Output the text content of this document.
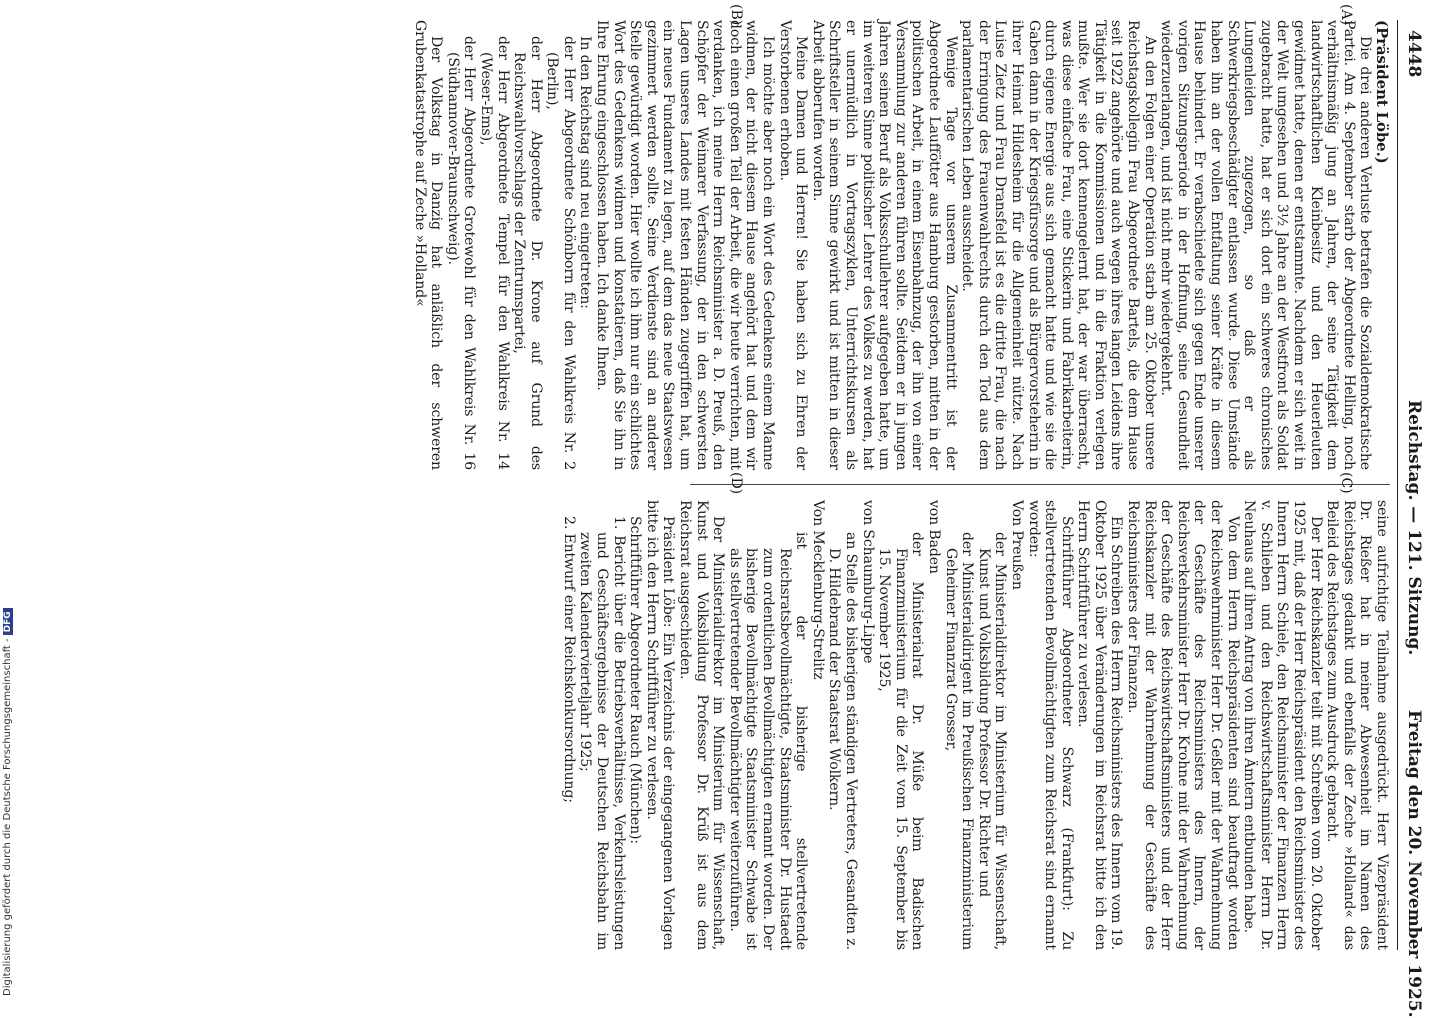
4448
Reichstag. — 121. Sitzung.
Freitag den 20. November 1925.
(Präsident Löbe.)
Die drei anderen Verluste betrafen die Sozialdemokratische Partei. Am 4. September starb der Abgeordnete Helling, noch verhältnismäßig jung an Jahren, der seine Tätigkeit dem landwirtschaftlichen Kleinbesitz und den Heuerleuten gewidmet hatte, denen er entstammte. Nachdem er sich weit in der Welt umgesehen und 3½ Jahre an der Westfront als Soldat zugebracht hatte, hat er sich dort ein schweres chronisches Lungenleiden zugezogen, so daß er als Schwerkriegsbeschädigter entlassen wurde. Diese Umstände haben ihn an der vollen Entfaltung seiner Kräfte in diesem Hause behindert. Er verabschiedete sich gegen Ende unserer vorigen Sitzungsperiode in der Hoffnung, seine Gesundheit wiederzuerlangen, und ist nicht mehr wiedergekehrt.
An den Folgen einer Operation starb am 25. Oktober unsere Reichstagskollegin Frau Abgeordnete Bartels, die dem Hause seit 1922 angehörte und auch wegen ihres langen Leidens ihre Tätigkeit in die Kommissionen und in die Fraktion verlegen mußte. Wer sie dort kennengelernt hat, der war überrascht, was diese einfache Frau, eine Stickerin und Fabrikarbeiterin, durch eigene Energie aus sich gemacht hatte und wie sie die Gaben dann in der Kriegsfürsorge und als Bürgervorsteherin in ihrer Heimat Hildesheim für die Allgemeinheit nützte. Nach Luise Zietz und Frau Dransfeld ist es die dritte Frau, die nach der Erringung des Frauenwahlrechts durch den Tod aus dem parlamentarischen Leben ausscheidet.
Wenige Tage vor unserem Zusammentritt ist der Abgeordnete Lauffötter aus Hamburg gestorben, mitten in der politischen Arbeit, in einem Eisenbahnzug, der ihn von einer Versammlung zur anderen führen sollte. Seitdem er in jungen Jahren seinen Beruf als Volksschullehrer aufgegeben hatte, um im weiteren Sinne politischer Lehrer des Volkes zu werden, hat er unermüdlich in Vortragszyklen, Unterrichtskursen als Schriftsteller in seinem Sinne gewirkt und ist mitten in dieser Arbeit abberufen worden.
Meine Damen und Herren! Sie haben sich zu Ehren der Verstorbenen erhoben.
Ich möchte aber noch ein Wort des Gedenkens einem Manne widmen, der nicht diesem Hause angehört hat und dem wir doch einen großen Teil der Arbeit, die wir heute verrichten, mit verdanken, ich meine Herrn Reichsminister a. D. Preuß, den Schöpfer der Weimarer Verfassung, der in den schwersten Lagen unseres Landes mit festen Händen zugegriffen hat, um ein neues Fundament zu legen, auf dem das neue Staatswesen gezimmert werden sollte. Seine Verdienste sind an anderer Stelle gewürdigt worden. Hier wollte ich ihm nur ein schlichtes Wort des Gedenkens widmen und konstatieren, daß Sie ihn in Ihre Ehrung eingeschlossen haben. Ich danke Ihnen.
In den Reichstag sind neu eingetreten:
der Herr Abgeordnete Schönborn für den Wahlkreis Nr. 2 (Berlin),
der Herr Abgeordnete Dr. Krone auf Grund des Reichswahlvorschlags der Zentrumspartei,
der Herr Abgeordnete Tempel für den Wahlkreis Nr. 14 (Weser-Ems),
der Herr Abgeordnete Grotewohl für den Wahlkreis Nr. 16 (Südhannover-Braunschweig).
Der Volkstag in Danzig hat anläßlich der schweren Grubenkatastrophe auf Zeche »Holland«
seine aufrichtige Teilnahme ausgedrückt. Herr Vizepräsident Dr. Rießer hat in meiner Abwesenheit im Namen des Reichstages gedankt und ebenfalls der Zeche »Holland« das Beileid des Reichstages zum Ausdruck gebracht.
Der Herr Reichskanzler teilt mit Schreiben vom 20. Oktober 1925 mit, daß der Herr Reichspräsident den Reichsminister des Innern Herrn Schiele, den Reichsminister der Finanzen Herrn v. Schlieben und den Reichswirtschaftsminister Herrn Dr. Neuhaus auf ihren Antrag von ihren Ämtern entbunden habe.
Von dem Herrn Reichspräsidenten sind beauftragt worden der Reichswehrminister Herr Dr. Geßler mit der Wahrnehmung der Geschäfte des Reichsministers des Innern, der Reichsverkehrsminister Herr Dr. Krohne mit der Wahrnehmung der Geschäfte des Reichswirtschaftsministers und der Herr Reichskanzler mit der Wahrnehmung der Geschäfte des Reichsministers der Finanzen.
Ein Schreiben des Herrn Reichsministers des Innern vom 19. Oktober 1925 über Veränderungen im Reichsrat bitte ich den Herrn Schriftführer zu verlesen.
Schriftführer Abgeordneter Schwarz (Frankfurt): Zu stellvertretenden Bevollmächtigten zum Reichsrat sind ernannt worden:
Von Preußen
der Ministerialdirektor im Ministerium für Wissenschaft, Kunst und Volksbildung Professor Dr. Richter und
der Ministerialdirigent im Preußischen Finanzministerium Geheimer Finanzrat Grosser,
von Baden
der Ministerialrat Dr. Müße beim Badischen Finanzministerium für die Zeit vom 15. September bis 15. November 1925,
von Schaumburg-Lippe
an Stelle des bisherigen ständigen Vertreters, Gesandten z. D. Hildebrand der Staatsrat Wolkern.
Von Mecklenburg-Strelitz
ist der bisherige stellvertretende Reichsratsbevollmächtigte, Staatsminister Dr. Hustaedt zum ordentlichen Bevollmächtigten ernannt worden. Der bisherige Bevollmächtigte Staatsminister Schwabe ist als stellvertretender Bevollmächtigter weiterzuführen.
Der Ministerialdirektor im Ministerium für Wissenschaft, Kunst und Volksbildung Professor Dr. Krüß ist aus dem Reichsrat ausgeschieden.
Präsident Löbe: Ein Verzeichnis der eingegangenen Vorlagen bitte ich den Herrn Schriftführer zu verlesen.
Schriftführer Abgeordneter Rauch (München):
1. Bericht über die Betriebsverhältnisse, Verkehrsleistungen und Geschäftsergebnisse der Deutschen Reichsbahn im zweiten Kalendervierteljahr 1925;
2. Entwurf einer Reichskonkursordnung;
(A)
(B)
(C)
(D)
Digitalisierung gefördert durch die Deutsche Forschungsgemeinschaft -DFG
